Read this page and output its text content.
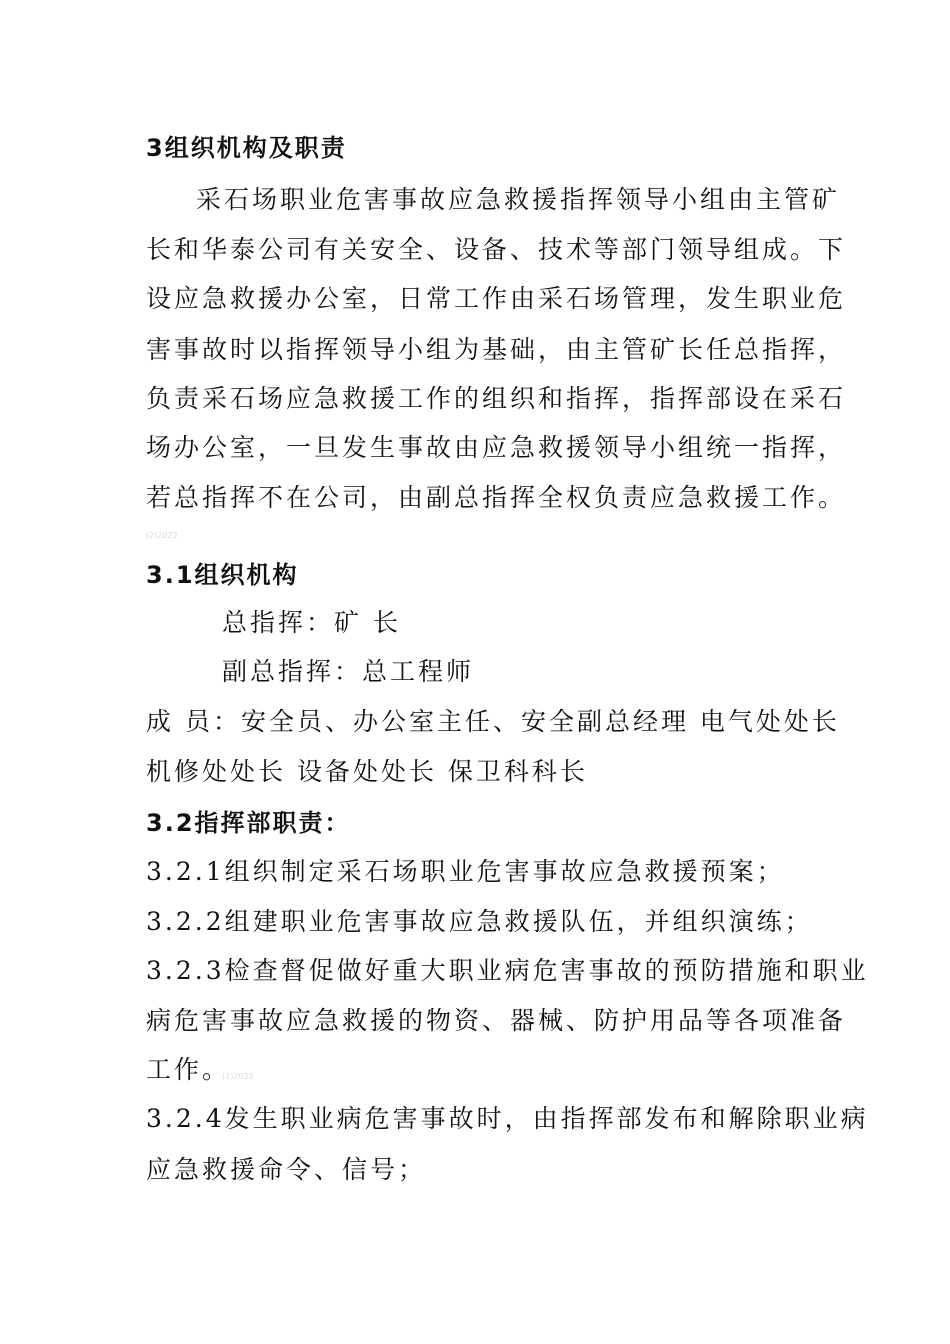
3组织机构及职责
采石场职业危害事故应急救援指挥领导小组由主管矿
长和华泰公司有关安全、设备、技术等部门领导组成。下
设应急救援办公室，日常工作由采石场管理，发生职业危
害事故时以指挥领导小组为基础，由主管矿长任总指挥，
负责采石场应急救援工作的组织和指挥，指挥部设在采石
场办公室，一旦发生事故由应急救援领导小组统一指挥，
若总指挥不在公司，由副总指挥全权负责应急救援工作。
(2)2022
3.1组织机构
总指挥：矿 长
副总指挥：总工程师
成 员：安全员、办公室主任、安全副总经理 电气处处长
机修处处长 设备处处长 保卫科科长
3.2指挥部职责：
3.2.1组织制定采石场职业危害事故应急救援预案；
3.2.2组建职业危害事故应急救援队伍，并组织演练；
3.2.3检查督促做好重大职业病危害事故的预防措施和职业
病危害事故应急救援的物资、器械、防护用品等各项准备
工作。
(2)2022
3.2.4发生职业病危害事故时，由指挥部发布和解除职业病
应急救援命令、信号；
